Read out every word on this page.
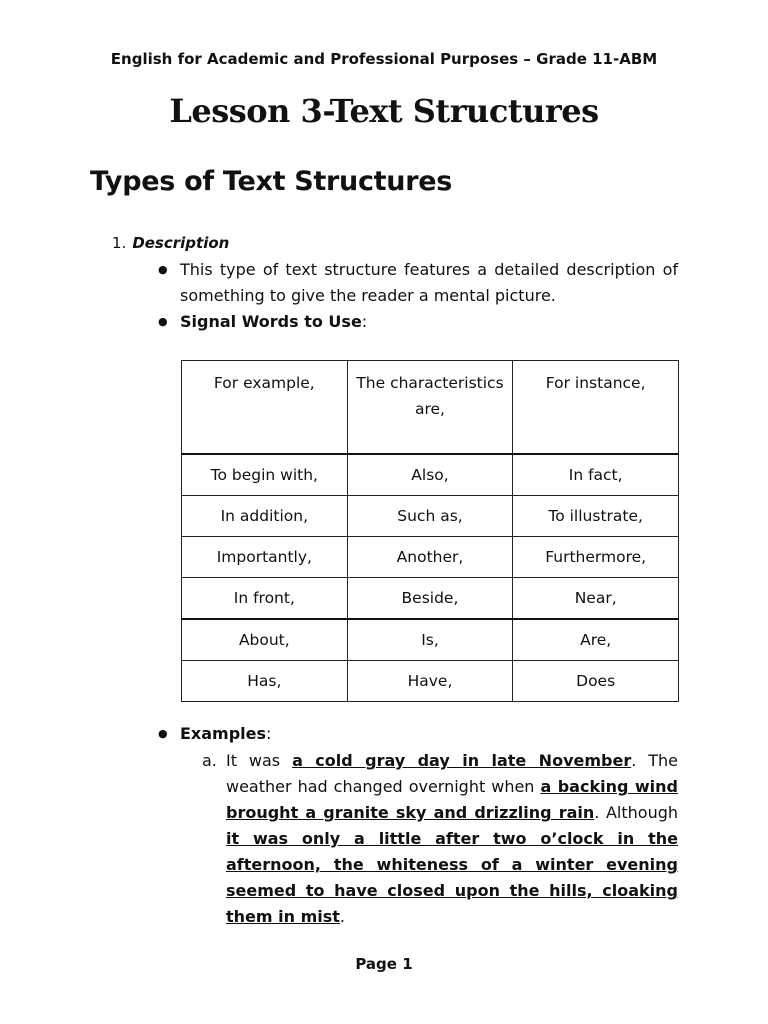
English for Academic and Professional Purposes – Grade 11-ABM
Lesson 3-Text Structures
Types of Text Structures
1. Description
● This type of text structure features a detailed description of something to give the reader a mental picture.
● Signal Words to Use:
For example,	The characteristics are,	For instance,
To begin with,	Also,	In fact,
In addition,	Such as,	To illustrate,
Importantly,	Another,	Furthermore,
In front,	Beside,	Near,
About,	Is,	Are,
Has,	Have,	Does
● Examples:
a. It was a cold gray day in late November. The weather had changed overnight when a backing wind brought a granite sky and drizzling rain. Although it was only a little after two o’clock in the afternoon, the whiteness of a winter evening seemed to have closed upon the hills, cloaking them in mist.
Page 1
